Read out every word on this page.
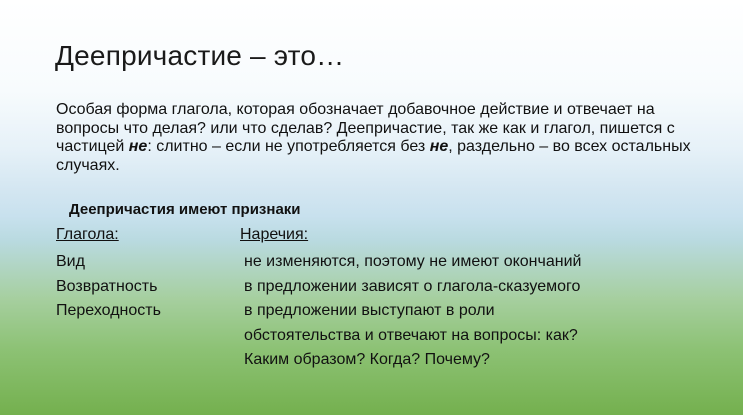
Деепричастие – это…
Особая форма глагола, которая обозначает добавочное действие и отвечает на вопросы что делая? или что сделав? Деепричастие, так же как и глагол, пишется с частицей не: слитно – если не употребляется без не, раздельно – во всех остальных случаях.
Деепричастия имеют признаки
Глагола:	Наречия:
Вид
Возвратность
Переходность
не изменяются, поэтому не имеют окончаний
в предложении зависят о глагола-сказуемого
в предложении выступают в роли
обстоятельства и отвечают на вопросы: как?
Каким образом? Когда? Почему?
